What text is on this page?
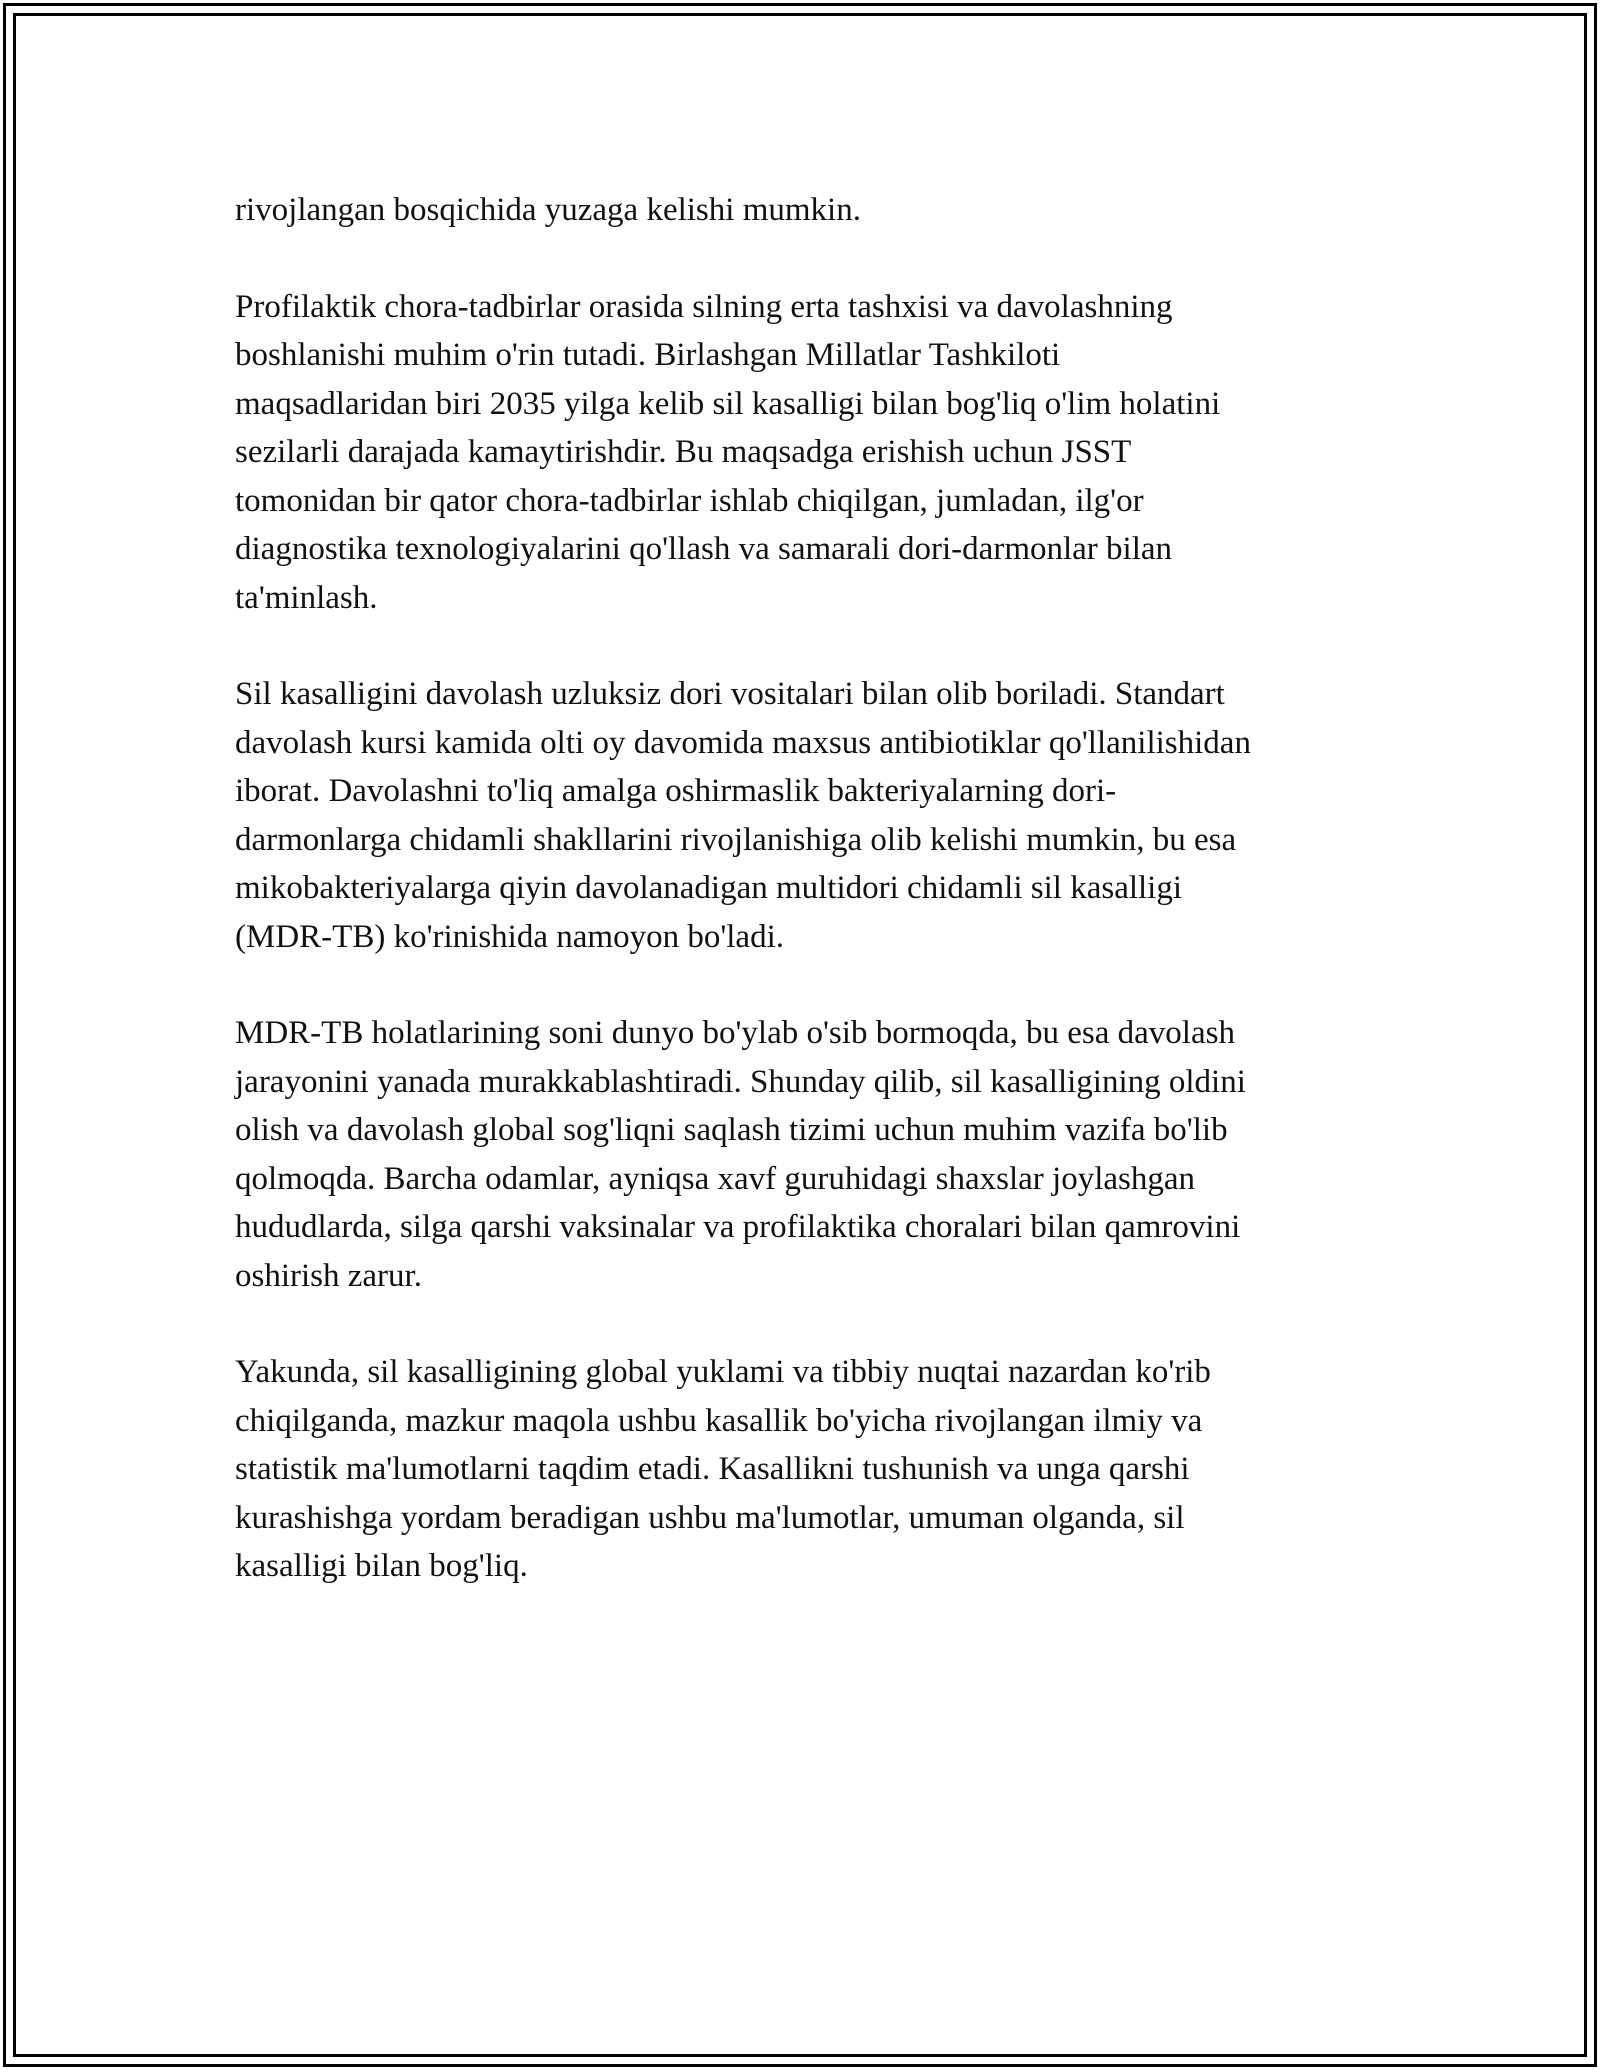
rivojlangan bosqichida yuzaga kelishi mumkin.

Profilaktik chora-tadbirlar orasida silning erta tashxisi va davolashning
boshlanishi muhim o'rin tutadi. Birlashgan Millatlar Tashkiloti
maqsadlaridan biri 2035 yilga kelib sil kasalligi bilan bog'liq o'lim holatini
sezilarli darajada kamaytirishdir. Bu maqsadga erishish uchun JSST
tomonidan bir qator chora-tadbirlar ishlab chiqilgan, jumladan, ilg'or
diagnostika texnologiyalarini qo'llash va samarali dori-darmonlar bilan
ta'minlash.

Sil kasalligini davolash uzluksiz dori vositalari bilan olib boriladi. Standart
davolash kursi kamida olti oy davomida maxsus antibiotiklar qo'llanilishidan
iborat. Davolashni to'liq amalga oshirmaslik bakteriyalarning dori-
darmonlarga chidamli shakllarini rivojlanishiga olib kelishi mumkin, bu esa
mikobakteriyalarga qiyin davolanadigan multidori chidamli sil kasalligi
(MDR-TB) ko'rinishida namoyon bo'ladi.

MDR-TB holatlarining soni dunyo bo'ylab o'sib bormoqda, bu esa davolash
jarayonini yanada murakkablashtiradi. Shunday qilib, sil kasalligining oldini
olish va davolash global sog'liqni saqlash tizimi uchun muhim vazifa bo'lib
qolmoqda. Barcha odamlar, ayniqsa xavf guruhidagi shaxslar joylashgan
hududlarda, silga qarshi vaksinalar va profilaktika choralari bilan qamrovini
oshirish zarur.

Yakunda, sil kasalligining global yuklami va tibbiy nuqtai nazardan ko'rib
chiqilganda, mazkur maqola ushbu kasallik bo'yicha rivojlangan ilmiy va
statistik ma'lumotlarni taqdim etadi. Kasallikni tushunish va unga qarshi
kurashishga yordam beradigan ushbu ma'lumotlar, umuman olganda, sil
kasalligi bilan bog'liq.
